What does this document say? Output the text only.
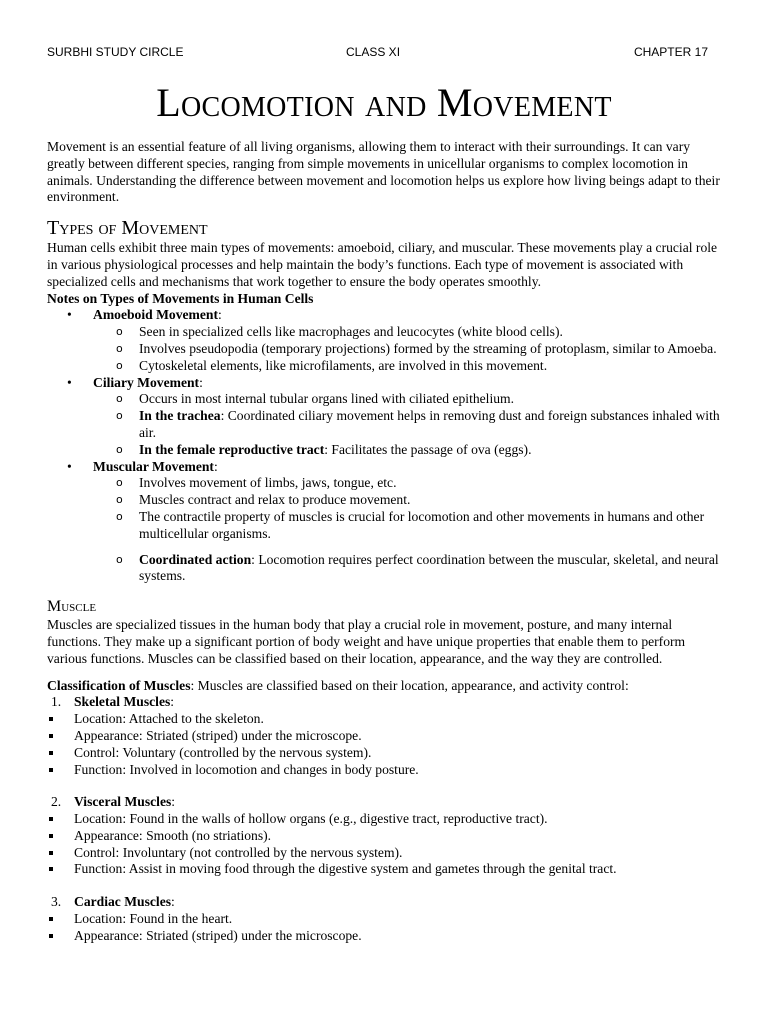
SURBHI STUDY CIRCLE	CLASS XI	CHAPTER 17
Locomotion and Movement

Movement is an essential feature of all living organisms, allowing them to interact with their surroundings. It can vary greatly between different species, ranging from simple movements in unicellular organisms to complex locomotion in animals. Understanding the difference between movement and locomotion helps us explore how living beings adapt to their environment.

Types of Movement

Human cells exhibit three main types of movements: amoeboid, ciliary, and muscular. These movements play a crucial role in various physiological processes and help maintain the body’s functions. Each type of movement is associated with specialized cells and mechanisms that work together to ensure the body operates smoothly.

Notes on Types of Movements in Human Cells

• Amoeboid Movement:
o Seen in specialized cells like macrophages and leucocytes (white blood cells).
o Involves pseudopodia (temporary projections) formed by the streaming of protoplasm, similar to Amoeba.
o Cytoskeletal elements, like microfilaments, are involved in this movement.
• Ciliary Movement:
o Occurs in most internal tubular organs lined with ciliated epithelium.
o In the trachea: Coordinated ciliary movement helps in removing dust and foreign substances inhaled with air.
o In the female reproductive tract: Facilitates the passage of ova (eggs).
• Muscular Movement:
o Involves movement of limbs, jaws, tongue, etc.
o Muscles contract and relax to produce movement.
o The contractile property of muscles is crucial for locomotion and other movements in humans and other multicellular organisms.
o Coordinated action: Locomotion requires perfect coordination between the muscular, skeletal, and neural systems.
Muscle

Muscles are specialized tissues in the human body that play a crucial role in movement, posture, and many internal functions. They make up a significant portion of body weight and have unique properties that enable them to perform various functions. Muscles can be classified based on their location, appearance, and the way they are controlled.

Classification of Muscles: Muscles are classified based on their location, appearance, and activity control:

1. Skeletal Muscles:
Location: Attached to the skeleton.
Appearance: Striated (striped) under the microscope.
Control: Voluntary (controlled by the nervous system).
Function: Involved in locomotion and changes in body posture.
2. Visceral Muscles:
Location: Found in the walls of hollow organs (e.g., digestive tract, reproductive tract).
Appearance: Smooth (no striations).
Control: Involuntary (not controlled by the nervous system).
Function: Assist in moving food through the digestive system and gametes through the genital tract.
3. Cardiac Muscles:
Location: Found in the heart.
Appearance: Striated (striped) under the microscope.
